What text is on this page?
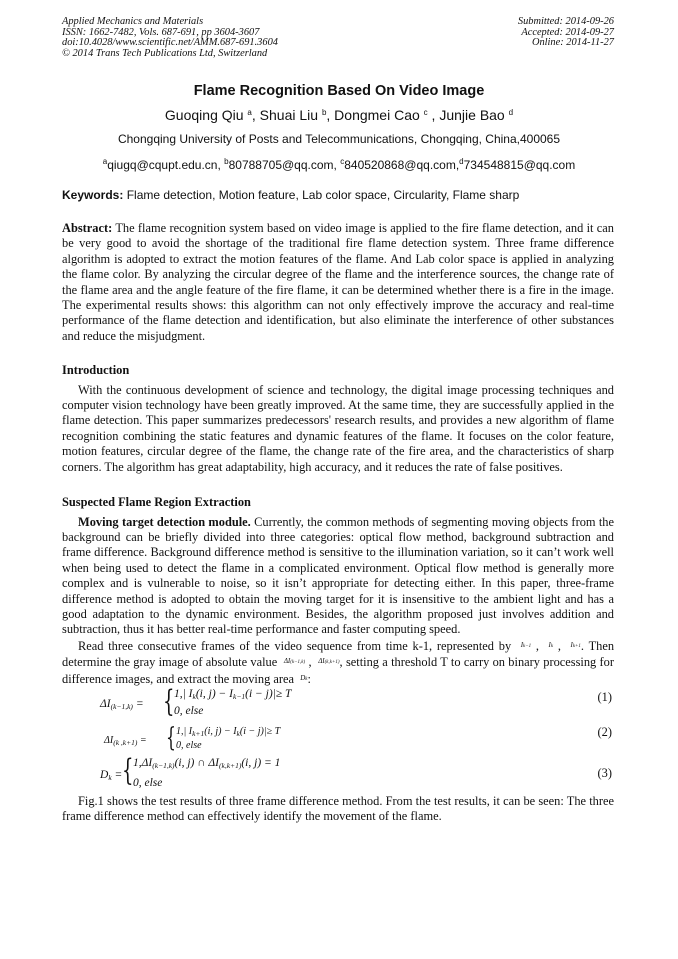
Applied Mechanics and Materials
ISSN: 1662-7482, Vols. 687-691, pp 3604-3607
doi:10.4028/www.scientific.net/AMM.687-691.3604
© 2014 Trans Tech Publications Ltd, Switzerland
Submitted: 2014-09-26
Accepted: 2014-09-27
Online: 2014-11-27
Flame Recognition Based On Video Image
Guoqing Qiu $^a$, Shuai Liu $^b$, Dongmei Cao $^c$ , Junjie Bao $^d$
Chongqing University of Posts and Telecommunications, Chongqing, China,400065
$^a$qiugq@cqupt.edu.cn, $^b$80788705@qq.com, $^c$840520868@qq.com,$^d$734548815@qq.com
Keywords: Flame detection, Motion feature, Lab color space, Circularity, Flame sharp

Abstract: The flame recognition system based on video image is applied to the fire flame detection, and it can be very good to avoid the shortage of the traditional fire flame detection system. Three frame difference algorithm is adopted to extract the motion features of the flame. And Lab color space is applied in analyzing the flame color. By analyzing the circular degree of the flame and the interference sources, the change rate of the flame area and the angle feature of the fire flame, it can be determined whether there is a fire in the image. The experimental results shows: this algorithm can not only effectively improve the accuracy and real-time performance of the flame detection and identification, but also eliminate the interference of other substances and reduce the misjudgment.

Introduction

With the continuous development of science and technology, the digital image processing techniques and computer vision technology have been greatly improved. At the same time, they are successfully applied in the flame detection. This paper summarizes predecessors' research results, and provides a new algorithm of flame recognition combining the static features and dynamic features of the flame. It focuses on the color feature, motion features, circular degree of the flame, the change rate of the fire area, and the characteristics of sharp corners. The algorithm has great adaptability, high accuracy, and it reduces the rate of false positives.

Suspected Flame Region Extraction

Moving target detection module. Currently, the common methods of segmenting moving objects from the background can be briefly divided into three categories: optical flow method, background subtraction and frame difference. Background difference method is sensitive to the illumination variation, so it can’t work well when being used to detect the flame in a complicated environment. Optical flow method is generally more complex and is vulnerable to noise, so it isn’t appropriate for detecting either. In this paper, three-frame difference method is adopted to obtain the moving target for it is insensitive to the ambient light and has a good adaptation to the dynamic environment. Besides, the algorithm proposed just involves addition and subtraction, thus it has better real-time performance and faster computing speed.

Read three consecutive frames of the video sequence from time k-1, represented by $^{Ik-1}$ ,  $^{Ik}$ ,  $^{Ik+1}$. Then determine the gray image of absolute value $^{\Delta I(k-1,k)}$ ,  $^{\Delta I(k,k+1)}$, setting a threshold T to carry on binary processing for difference images, and extract the moving area $^{Dk}$:

$\Delta I_{(k-1,k)}$ = { 1,| $I_k(i$, $j) - I_{k-1}(i - j)|\ge T$
0, else
(1)
$\Delta I_{(k ,k+1)}$ = { 1,| $I_{k+1}(i$, $j) - I_k(i - j)|\ge T$
0, else
(2)
$D_k$ = { $1,\Delta I_{(k-1,k)}(i$, j) ∩ $\Delta I_{(k,k+1)}(i$, j) = 1
0, else
(3)

Fig.1 shows the test results of three frame difference method. From the test results, it can be seen: The three frame difference method can effectively identify the movement of the flame.
